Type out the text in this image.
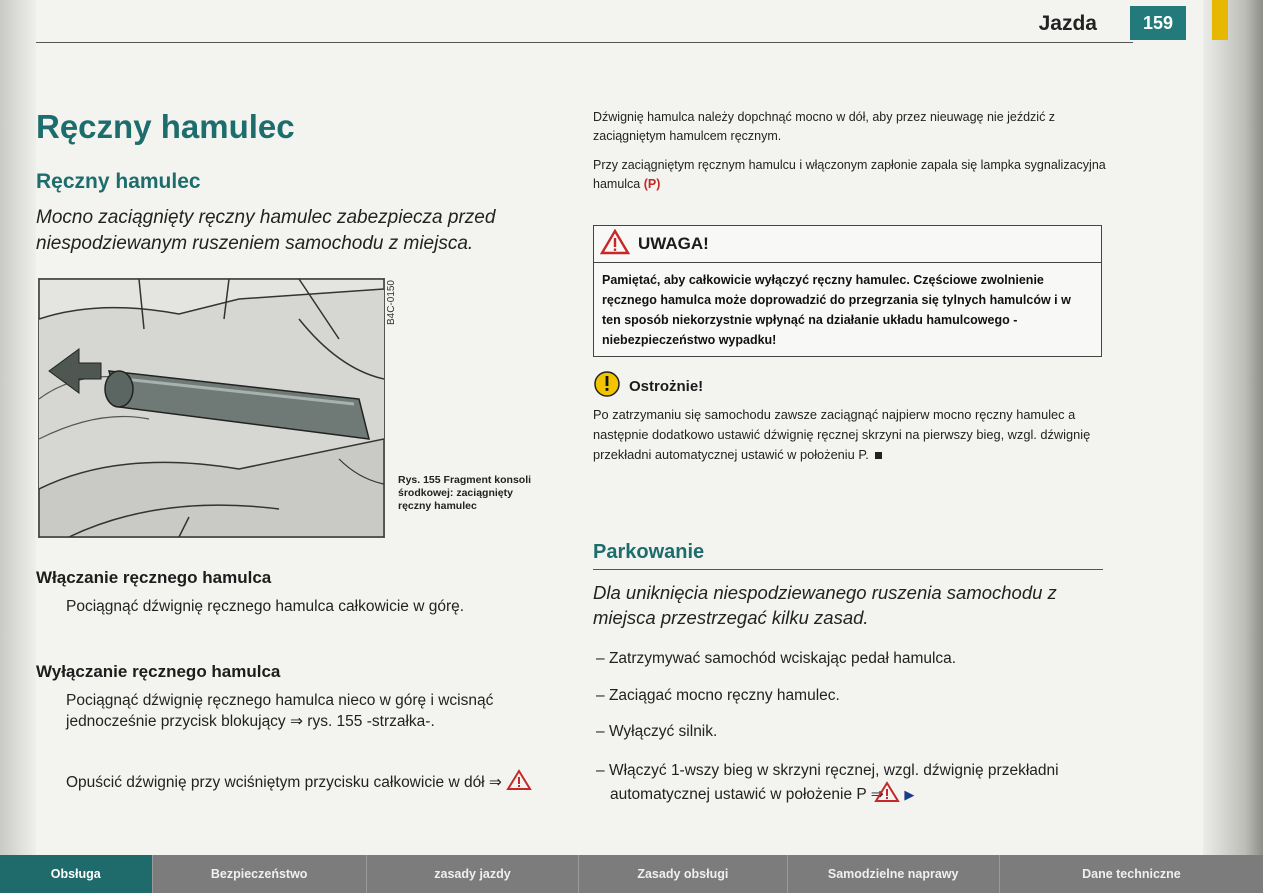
Jazda	159
Ręczny hamulec
Ręczny hamulec
Mocno zaciągnięty ręczny hamulec zabezpiecza przed niespodziewanym ruszeniem samochodu z miejsca.
B4C-0150
Rys. 155 Fragment konsoli środkowej: zaciągnięty ręczny hamulec
Włączanie ręcznego hamulca
Pociągnąć dźwignię ręcznego hamulca całkowicie w górę.
Wyłączanie ręcznego hamulca
Pociągnąć dźwignię ręcznego hamulca nieco w górę i wcisnąć jednocześnie przycisk blokujący ⇒ rys. 155 -strzałka-.
Opuścić dźwignię przy wciśniętym przycisku całkowicie w dół ⇒
Dźwignię hamulca należy dopchnąć mocno w dół, aby przez nieuwagę nie jeździć z zaciągniętym hamulcem ręcznym.
Przy zaciągniętym ręcznym hamulcu i włączonym zapłonie zapala się lampka sygnalizacyjna hamulca (P)
UWAGA!
Pamiętać, aby całkowicie wyłączyć ręczny hamulec. Częściowe zwolnienie ręcznego hamulca może doprowadzić do przegrzania się tylnych hamulców i w ten sposób niekorzystnie wpłynąć na działanie układu hamulcowego - niebezpieczeństwo wypadku!
Ostrożnie!
Po zatrzymaniu się samochodu zawsze zaciągnąć najpierw mocno ręczny hamulec a następnie dodatkowo ustawić dźwignię ręcznej skrzyni na pierwszy bieg, wzgl. dźwignię przekładni automatycznej ustawić w położeniu P.
Parkowanie
Dla uniknięcia niespodziewanego ruszenia samochodu z miejsca przestrzegać kilku zasad.
– Zatrzymywać samochód wciskając pedał hamulca.
– Zaciągać mocno ręczny hamulec.
– Wyłączyć silnik.
– Włączyć 1-wszy bieg w skrzyni ręcznej, wzgl. dźwignię przekładni automatycznej ustawić w położenie P ⇒ ▶
Obsługa	Bezpieczeństwo	zasady jazdy	Zasady obsługi	Samodzielne naprawy	Dane techniczne
